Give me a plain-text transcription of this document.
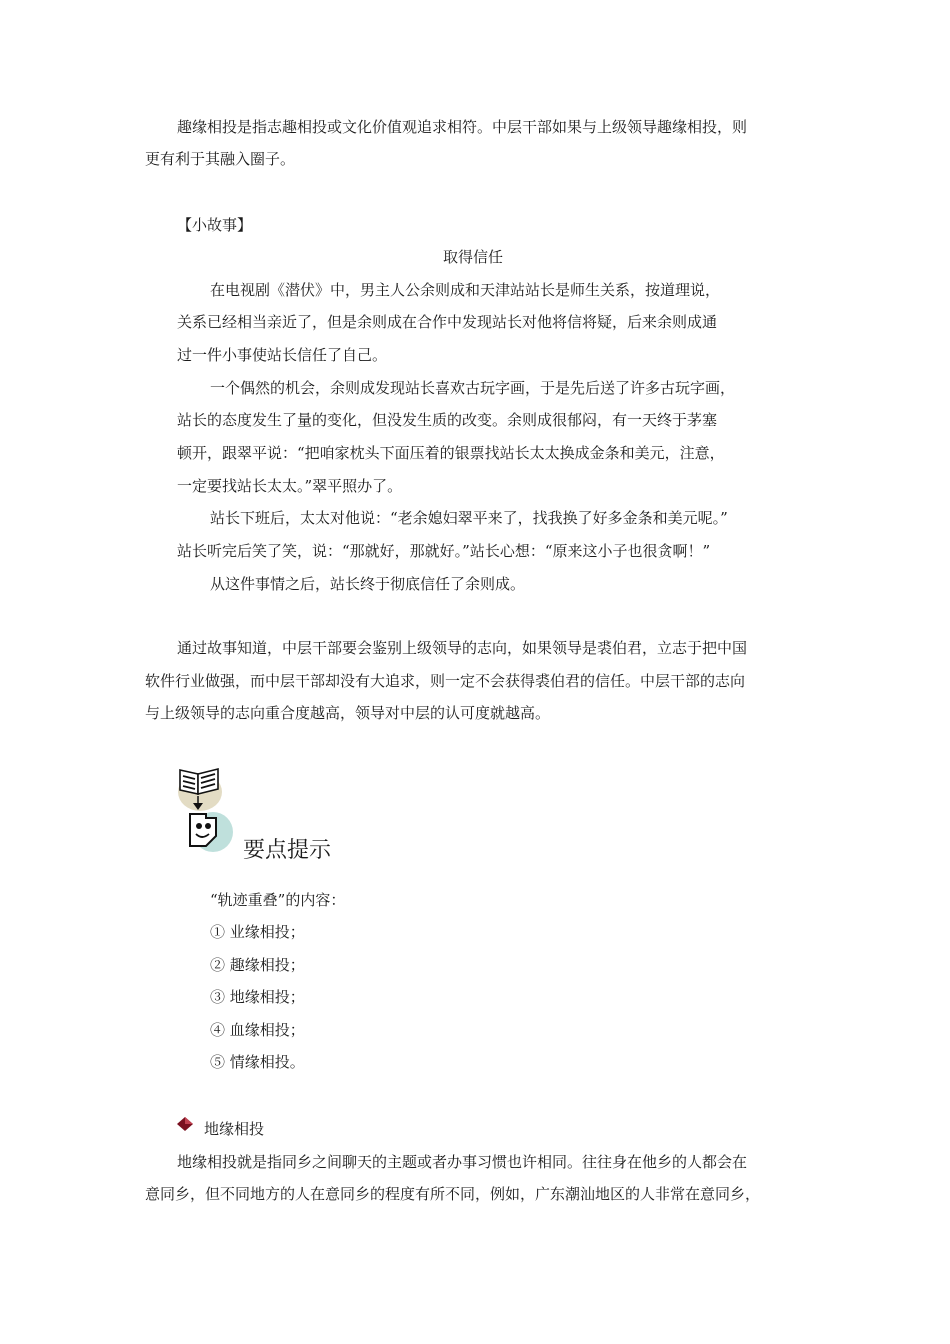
趣缘相投是指志趣相投或文化价值观追求相符。中层干部如果与上级领导趣缘相投，则
更有利于其融入圈子。
【小故事】
取得信任
在电视剧《潜伏》中，男主人公余则成和天津站站长是师生关系，按道理说，
关系已经相当亲近了，但是余则成在合作中发现站长对他将信将疑，后来余则成通
过一件小事使站长信任了自己。
一个偶然的机会，余则成发现站长喜欢古玩字画，于是先后送了许多古玩字画，
站长的态度发生了量的变化，但没发生质的改变。余则成很郁闷，有一天终于茅塞
顿开，跟翠平说：“把咱家枕头下面压着的银票找站长太太换成金条和美元，注意，
一定要找站长太太。”翠平照办了。
站长下班后，太太对他说：“老余媳妇翠平来了，找我换了好多金条和美元呢。”
站长听完后笑了笑，说：“那就好，那就好。”站长心想：“原来这小子也很贪啊！”
从这件事情之后，站长终于彻底信任了余则成。
通过故事知道，中层干部要会鉴别上级领导的志向，如果领导是裘伯君，立志于把中国
软件行业做强，而中层干部却没有大追求，则一定不会获得裘伯君的信任。中层干部的志向
与上级领导的志向重合度越高，领导对中层的认可度就越高。
要点提示
“轨迹重叠”的内容：
① 业缘相投；
② 趣缘相投；
③ 地缘相投；
④ 血缘相投；
⑤ 情缘相投。
地缘相投
地缘相投就是指同乡之间聊天的主题或者办事习惯也许相同。往往身在他乡的人都会在
意同乡，但不同地方的人在意同乡的程度有所不同，例如，广东潮汕地区的人非常在意同乡，
